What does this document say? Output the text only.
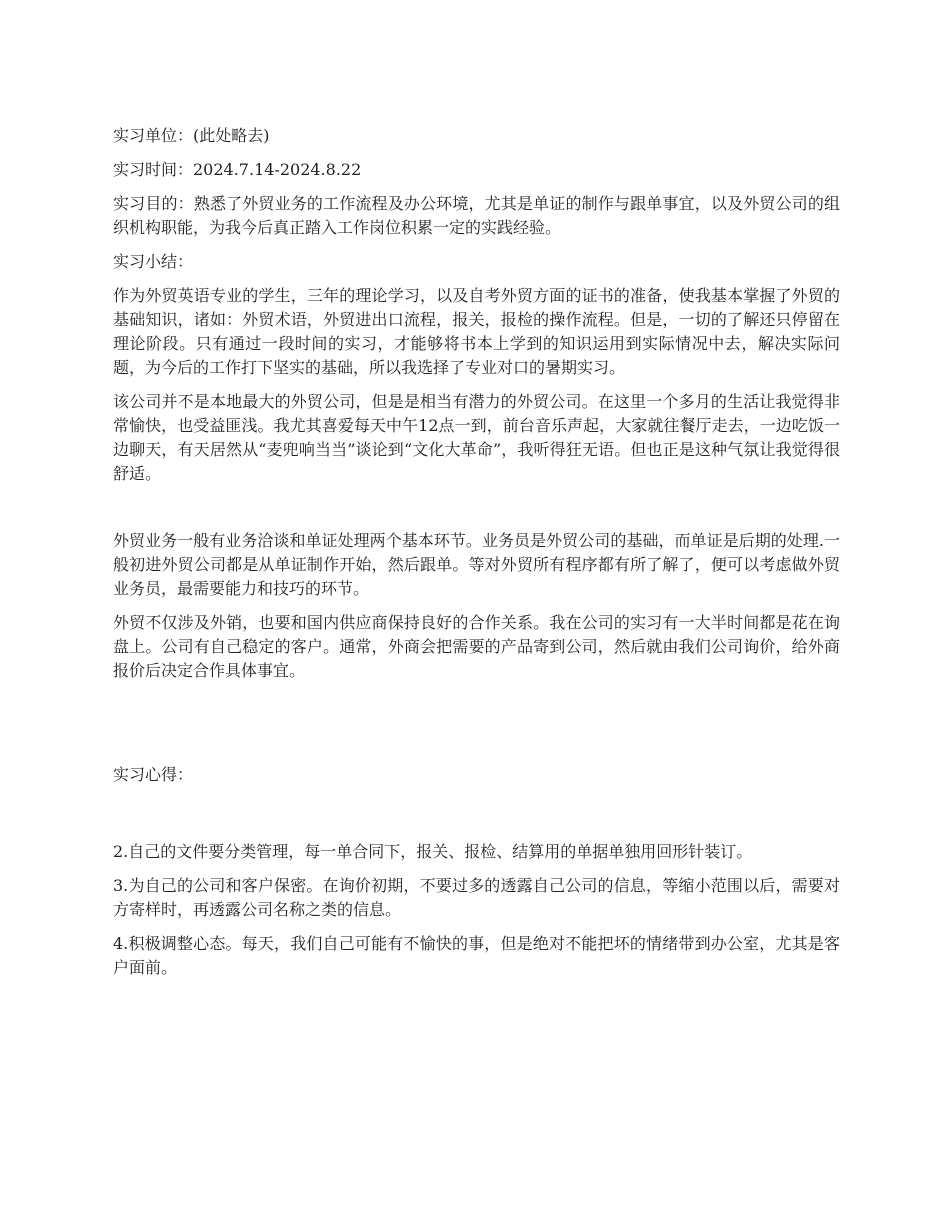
实习单位：(此处略去)

实习时间：2024.7.14-2024.8.22

实习目的：熟悉了外贸业务的工作流程及办公环境，尤其是单证的制作与跟单事宜，以及外贸公司的组织机构职能，为我今后真正踏入工作岗位积累一定的实践经验。

实习小结：

作为外贸英语专业的学生，三年的理论学习，以及自考外贸方面的证书的准备，使我基本掌握了外贸的基础知识，诸如：外贸术语，外贸进出口流程，报关，报检的操作流程。但是，一切的了解还只停留在理论阶段。只有通过一段时间的实习，才能够将书本上学到的知识运用到实际情况中去，解决实际问题，为今后的工作打下坚实的基础，所以我选择了专业对口的暑期实习。

该公司并不是本地最大的外贸公司，但是是相当有潜力的外贸公司。在这里一个多月的生活让我觉得非常愉快，也受益匪浅。我尤其喜爱每天中午12点一到，前台音乐声起，大家就往餐厅走去，一边吃饭一边聊天，有天居然从“麦兜响当当”谈论到“文化大革命”，我听得狂无语。但也正是这种气氛让我觉得很舒适。

外贸业务一般有业务洽谈和单证处理两个基本环节。业务员是外贸公司的基础，而单证是后期的处理.一般初进外贸公司都是从单证制作开始，然后跟单。等对外贸所有程序都有所了解了，便可以考虑做外贸业务员，最需要能力和技巧的环节。

外贸不仅涉及外销，也要和国内供应商保持良好的合作关系。我在公司的实习有一大半时间都是花在询盘上。公司有自己稳定的客户。通常，外商会把需要的产品寄到公司，然后就由我们公司询价，给外商报价后决定合作具体事宜。

实习心得：

2.自己的文件要分类管理，每一单合同下，报关、报检、结算用的单据单独用回形针装订。

3.为自己的公司和客户保密。在询价初期，不要过多的透露自己公司的信息，等缩小范围以后，需要对方寄样时，再透露公司名称之类的信息。

4.积极调整心态。每天，我们自己可能有不愉快的事，但是绝对不能把坏的情绪带到办公室，尤其是客户面前。
